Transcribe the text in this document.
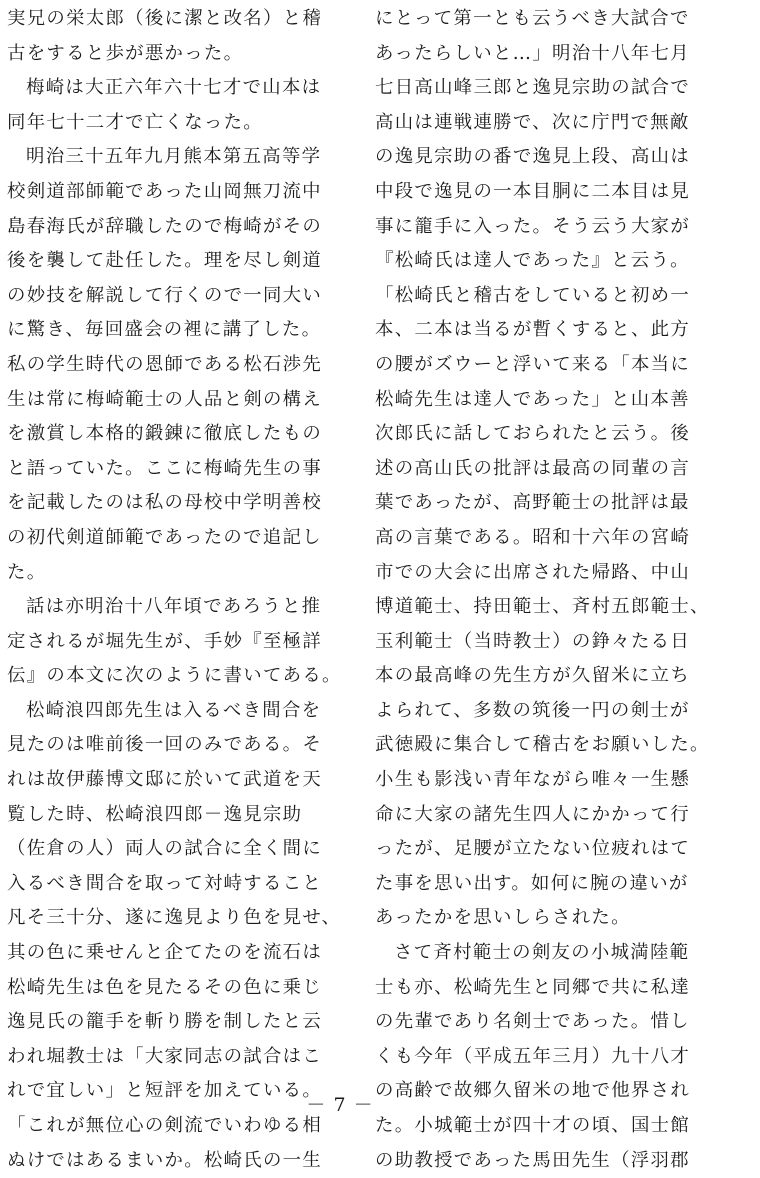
実兄の栄太郎（後に潔と改名）と稽
古をすると歩が悪かった。
梅崎は大正六年六十七才で山本は
同年七十二才で亡くなった。
明治三十五年九月熊本第五高等学
校剣道部師範であった山岡無刀流中
島春海氏が辞職したので梅崎がその
後を襲して赴任した。理を尽し剣道
の妙技を解説して行くので一同大い
に驚き、毎回盛会の裡に講了した。
私の学生時代の恩師である松石渉先
生は常に梅崎範士の人品と剣の構え
を激賞し本格的鍛錬に徹底したもの
と語っていた。ここに梅崎先生の事
を記載したのは私の母校中学明善校
の初代剣道師範であったので追記し
た。
話は亦明治十八年頃であろうと推
定されるが堀先生が、手妙『至極詳
伝』の本文に次のように書いてある。
松崎浪四郎先生は入るべき間合を
見たのは唯前後一回のみである。そ
れは故伊藤博文邸に於いて武道を天
覧した時、松崎浪四郎－逸見宗助
（佐倉の人）両人の試合に全く間に
入るべき間合を取って対峙すること
凡そ三十分、遂に逸見より色を見せ、
其の色に乗せんと企てたのを流石は
松崎先生は色を見たるその色に乗じ
逸見氏の籠手を斬り勝を制したと云
われ堀教士は「大家同志の試合はこ
れで宜しい」と短評を加えている。
「これが無位心の剣流でいわゆる相
ぬけではあるまいか。松崎氏の一生
にとって第一とも云うべき大試合で
あったらしいと…」明治十八年七月
七日高山峰三郎と逸見宗助の試合で
高山は連戦連勝で、次に庁門で無敵
の逸見宗助の番で逸見上段、高山は
中段で逸見の一本目胴に二本目は見
事に籠手に入った。そう云う大家が
『松崎氏は達人であった』と云う。
「松崎氏と稽古をしていると初め一
本、二本は当るが暫くすると、此方
の腰がズウーと浮いて来る「本当に
松崎先生は達人であった」と山本善
次郎氏に話しておられたと云う。後
述の高山氏の批評は最高の同輩の言
葉であったが、高野範士の批評は最
高の言葉である。昭和十六年の宮崎
市での大会に出席された帰路、中山
博道範士、持田範士、斉村五郎範士、
玉利範士（当時教士）の錚々たる日
本の最高峰の先生方が久留米に立ち
よられて、多数の筑後一円の剣士が
武徳殿に集合して稽古をお願いした。
小生も影浅い青年ながら唯々一生懸
命に大家の諸先生四人にかかって行
ったが、足腰が立たない位疲れはて
た事を思い出す。如何に腕の違いが
あったかを思いしらされた。
さて斉村範士の剣友の小城満陸範
士も亦、松崎先生と同郷で共に私達
の先輩であり名剣士であった。惜し
くも今年（平成五年三月）九十八才
の高齢で故郷久留米の地で他界され
た。小城範士が四十才の頃、国士館
の助教授であった馬田先生（浮羽郡
－ 7 －
